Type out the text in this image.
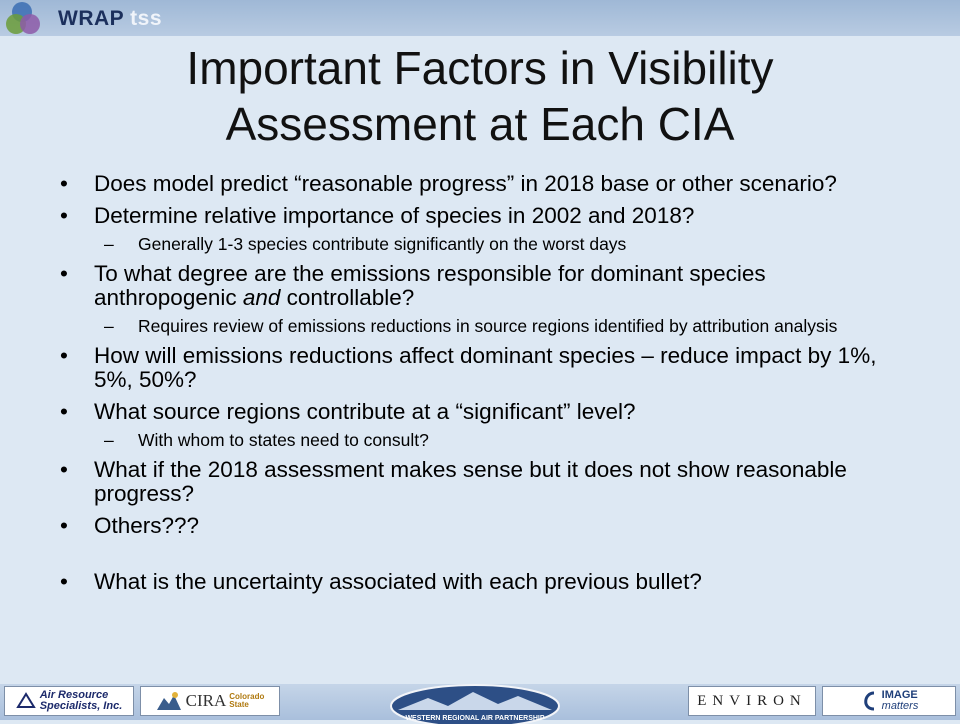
WRAP tss
Important Factors in Visibility
Assessment at Each CIA

• Does model predict “reasonable progress” in 2018 base or other scenario?

• Determine relative importance of species in 2002 and 2018?

– Generally 1-3 species contribute significantly on the worst days

• To what degree are the emissions responsible for dominant species anthropogenic and controllable?

– Requires review of emissions reductions in source regions identified by attribution analysis

• How will emissions reductions affect dominant species – reduce impact by 1%, 5%, 50%?

• What source regions contribute at a “significant” level?

– With whom to states need to consult?

• What if the 2018 assessment makes sense but it does not show reasonable progress?

• Others???

• What is the uncertainty associated with each previous bullet?

Air Resource
Specialists, Inc.	CIRA Colorado
State
WESTERN REGIONAL AIR PARTNERSHIP
ENVIRON	IMAGE
matters
